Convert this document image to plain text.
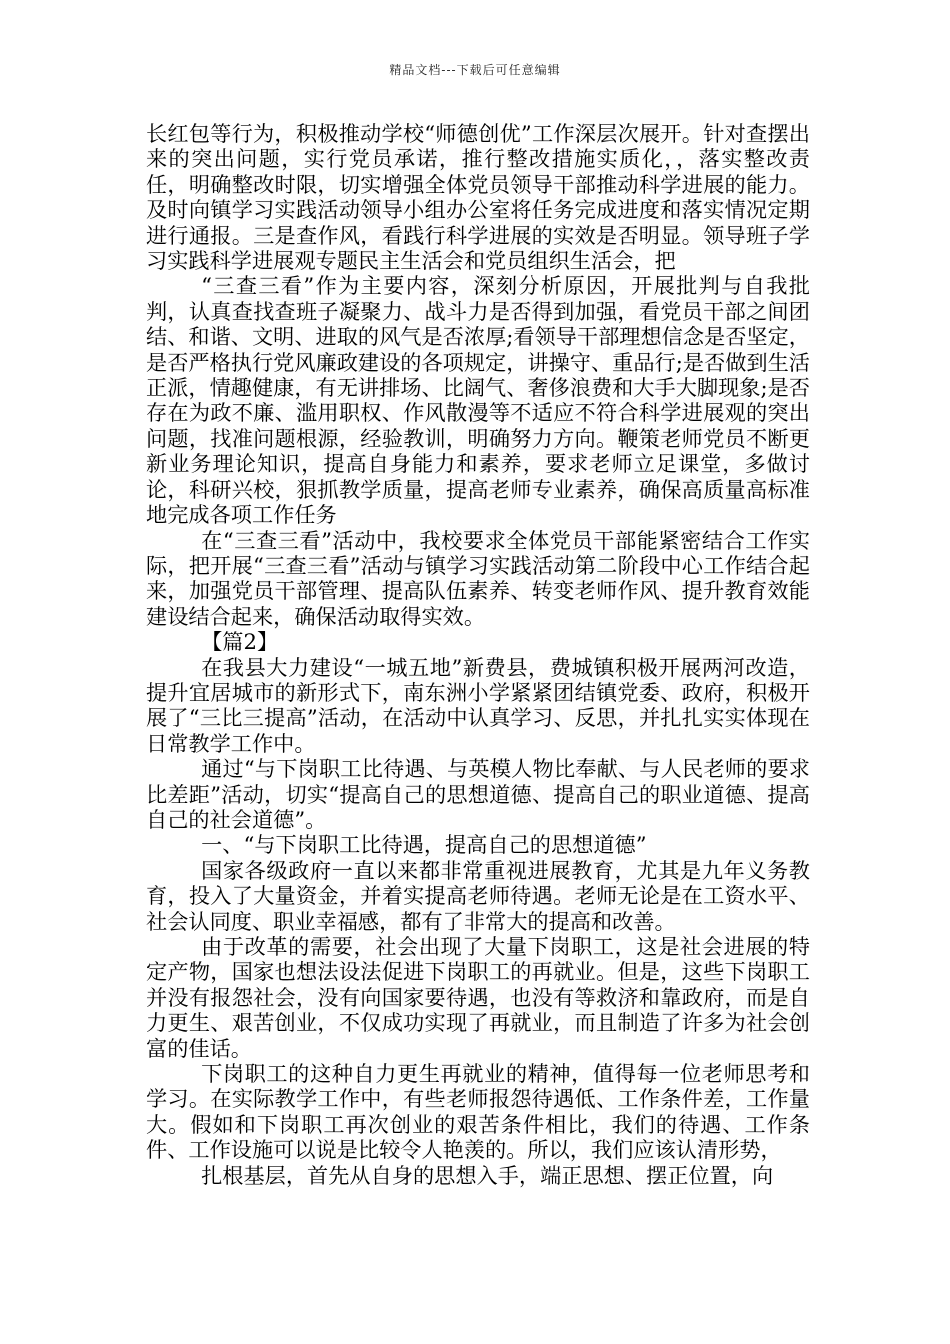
精品文档---下载后可任意编辑

长红包等行为，积极推动学校“师德创优”工作深层次展开。针对查摆出来的突出问题，实行党员承诺，推行整改措施实质化，，落实整改责任，明确整改时限，切实增强全体党员领导干部推动科学进展的能力。及时向镇学习实践活动领导小组办公室将任务完成进度和落实情况定期进行通报。三是查作风，看践行科学进展的实效是否明显。领导班子学习实践科学进展观专题民主生活会和党员组织生活会，把

“三查三看”作为主要内容，深刻分析原因，开展批判与自我批判，认真查找查班子凝聚力、战斗力是否得到加强，看党员干部之间团结、和谐、文明、进取的风气是否浓厚;看领导干部理想信念是否坚定，是否严格执行党风廉政建设的各项规定，讲操守、重品行;是否做到生活正派，情趣健康，有无讲排场、比阔气、奢侈浪费和大手大脚现象;是否存在为政不廉、滥用职权、作风散漫等不适应不符合科学进展观的突出问题，找准问题根源，经验教训，明确努力方向。鞭策老师党员不断更新业务理论知识，提高自身能力和素养，要求老师立足课堂，多做讨论，科研兴校，狠抓教学质量，提高老师专业素养，确保高质量高标准地完成各项工作任务

在“三查三看”活动中，我校要求全体党员干部能紧密结合工作实际，把开展“三查三看”活动与镇学习实践活动第二阶段中心工作结合起来，加强党员干部管理、提高队伍素养、转变老师作风、提升教育效能建设结合起来，确保活动取得实效。

【篇2】

在我县大力建设“一城五地”新费县，费城镇积极开展两河改造，提升宜居城市的新形式下，南东洲小学紧紧团结镇党委、政府，积极开展了“三比三提高”活动，在活动中认真学习、反思，并扎扎实实体现在日常教学工作中。

通过“与下岗职工比待遇、与英模人物比奉献、与人民老师的要求比差距”活动，切实“提高自己的思想道德、提高自己的职业道德、提高自己的社会道德”。

一、“与下岗职工比待遇，提高自己的思想道德”

国家各级政府一直以来都非常重视进展教育，尤其是九年义务教育，投入了大量资金，并着实提高老师待遇。老师无论是在工资水平、社会认同度、职业幸福感，都有了非常大的提高和改善。

由于改革的需要，社会出现了大量下岗职工，这是社会进展的特定产物，国家也想法设法促进下岗职工的再就业。但是，这些下岗职工并没有报怨社会，没有向国家要待遇，也没有等救济和靠政府，而是自力更生、艰苦创业，不仅成功实现了再就业，而且制造了许多为社会创富的佳话。

下岗职工的这种自力更生再就业的精神，值得每一位老师思考和学习。在实际教学工作中，有些老师报怨待遇低、工作条件差，工作量大。假如和下岗职工再次创业的艰苦条件相比，我们的待遇、工作条件、工作设施可以说是比较令人艳羡的。所以，我们应该认清形势，

扎根基层，首先从自身的思想入手，端正思想、摆正位置，向
